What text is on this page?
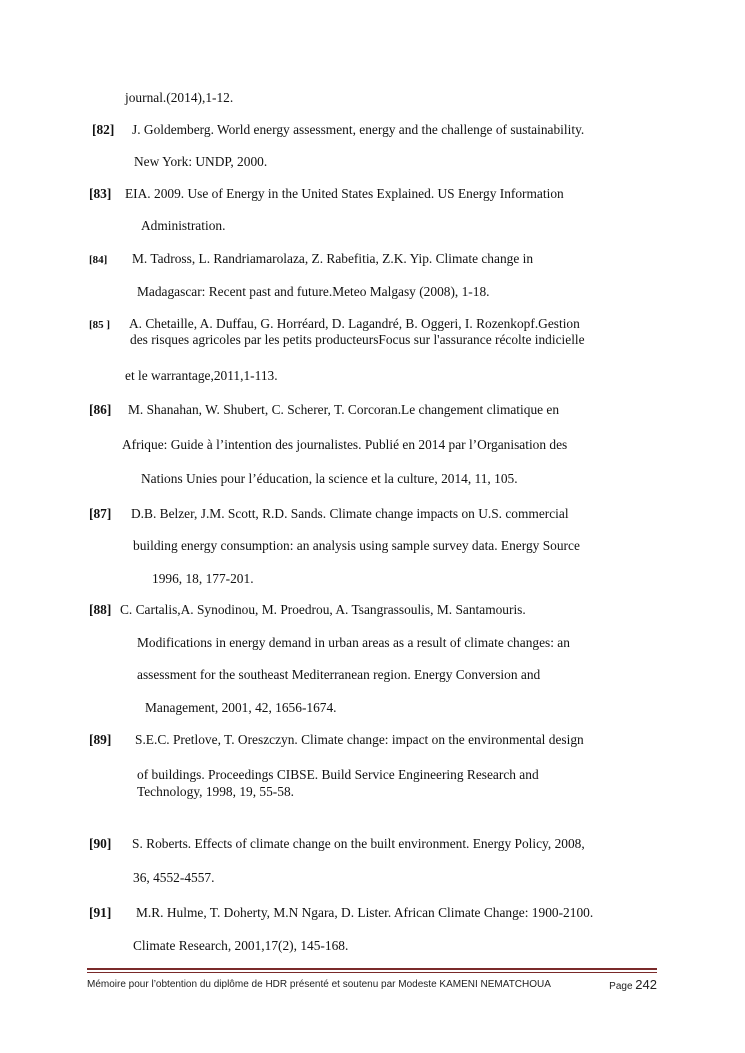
journal.(2014),1-12.
[82] J. Goldemberg. World energy assessment, energy and the challenge of sustainability.
New York: UNDP, 2000.
[83] EIA. 2009. Use of Energy in the United States Explained. US Energy Information
Administration.
[84] M. Tadross, L. Randriamarolaza, Z. Rabefitia, Z.K. Yip. Climate change in
Madagascar: Recent past and future.Meteo Malgasy (2008), 1-18.
[85 ] A. Chetaille, A. Duffau, G. Horréard, D. Lagandré, B. Oggeri, I. Rozenkopf.Gestion
des risques agricoles par les petits producteursFocus sur l'assurance récolte indicielle
et le warrantage,2011,1-113.
[86] M. Shanahan, W. Shubert, C. Scherer, T. Corcoran.Le changement climatique en
Afrique: Guide à l’intention des journalistes. Publié en 2014 par l’Organisation des
Nations Unies pour l’éducation, la science et la culture, 2014, 11, 105.
[87] D.B. Belzer, J.M. Scott, R.D. Sands. Climate change impacts on U.S. commercial
building energy consumption: an analysis using sample survey data. Energy Source
1996, 18, 177-201.
[88] C. Cartalis,A. Synodinou, M. Proedrou, A. Tsangrassoulis, M. Santamouris.
Modifications in energy demand in urban areas as a result of climate changes: an
assessment for the southeast Mediterranean region. Energy Conversion and
Management, 2001, 42, 1656-1674.
[89] S.E.C. Pretlove, T. Oreszczyn. Climate change: impact on the environmental design
of buildings. Proceedings CIBSE. Build Service Engineering Research and
Technology, 1998, 19, 55-58.
[90] S. Roberts. Effects of climate change on the built environment. Energy Policy, 2008,
36, 4552-4557.
[91] M.R. Hulme, T. Doherty, M.N Ngara, D. Lister. African Climate Change: 1900-2100.
Climate Research, 2001,17(2), 145-168.
Mémoire pour l’obtention du diplôme de HDR présenté et soutenu par Modeste KAMENI NEMATCHOUA	Page 242
